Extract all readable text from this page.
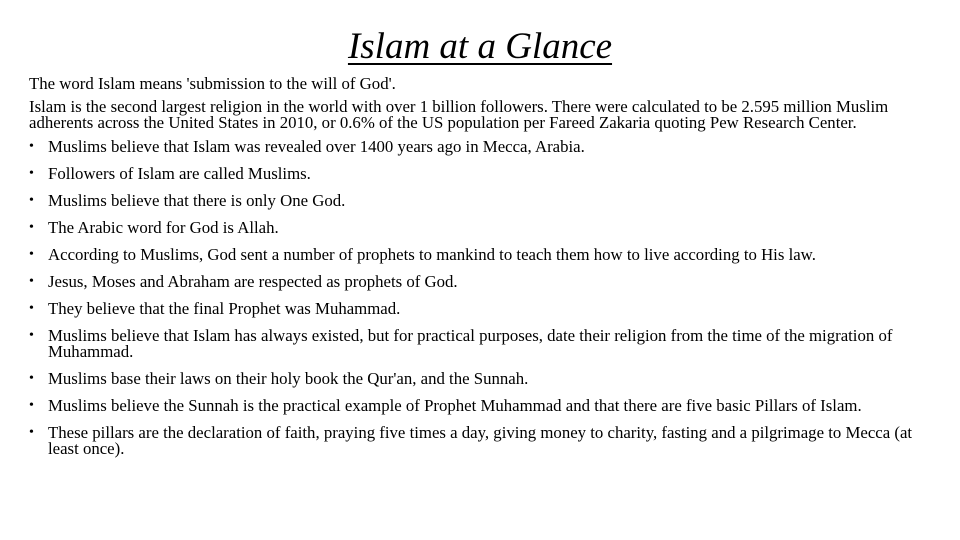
Islam at a Glance

The word Islam means 'submission to the will of God'.

Islam is the second largest religion in the world with over 1 billion followers. There were calculated to be 2.595 million Muslim adherents across the United States in 2010, or 0.6% of the US population per Fareed Zakaria quoting Pew Research Center.

• Muslims believe that Islam was revealed over 1400 years ago in Mecca, Arabia.
• Followers of Islam are called Muslims.
• Muslims believe that there is only One God.
• The Arabic word for God is Allah.
• According to Muslims, God sent a number of prophets to mankind to teach them how to live according to His law.
• Jesus, Moses and Abraham are respected as prophets of God.
• They believe that the final Prophet was Muhammad.
• Muslims believe that Islam has always existed, but for practical purposes, date their religion from the time of the migration of Muhammad.
• Muslims base their laws on their holy book the Qur'an, and the Sunnah.
• Muslims believe the Sunnah is the practical example of Prophet Muhammad and that there are five basic Pillars of Islam.
• These pillars are the declaration of faith, praying five times a day, giving money to charity, fasting and a pilgrimage to Mecca (at least once).
